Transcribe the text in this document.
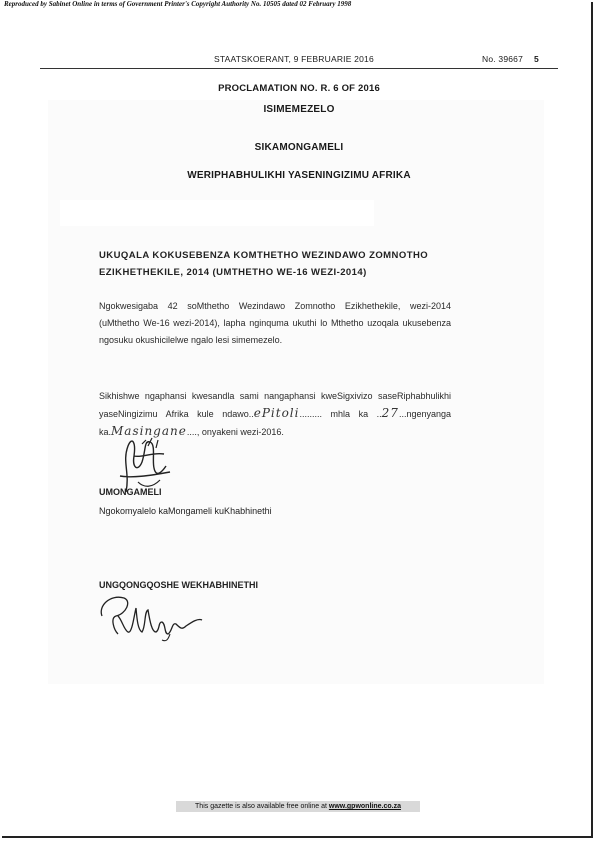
Reproduced by Sabinet Online in terms of Government Printer's Copyright Authority No. 10505 dated 02 February 1998
STAATSKOERANT, 9 FEBRUARIE 2016	No. 39667 5
PROCLAMATION NO. R. 6 OF 2016
ISIMEMEZELO
SIKAMONGAMELI
WERIPHABHULIKHI YASENINGIZIMU AFRIKA
UKUQALA KOKUSEBENZA KOMTHETHO WEZINDAWO ZOMNOTHO
EZIKHETHEKILE, 2014 (UMTHETHO WE-16 WEZI-2014)
Ngokwesigaba 42 soMthetho Wezindawo Zomnotho Ezikhethekile, wezi-2014 (uMthetho We-16 wezi-2014), lapha nginquma ukuthi lo Mthetho uzoqala ukusebenza ngosuku okushicilelwe ngalo lesi simemezelo.
Sikhishwe ngaphansi kwesandla sami nangaphansi kweSigxivizo saseRiphabhulikhi yaseNingizimu Afrika kule ndawo..ePitoli......... mhla ka ..27...ngenyanga ka.Masingane...., onyakeni wezi-2016.
UMONGAMELI
Ngokomyalelo kaMongameli kuKhabhinethi
UNGQONGQOSHE WEKHABHINETHI
This gazette is also available free online at www.gpwonline.co.za
